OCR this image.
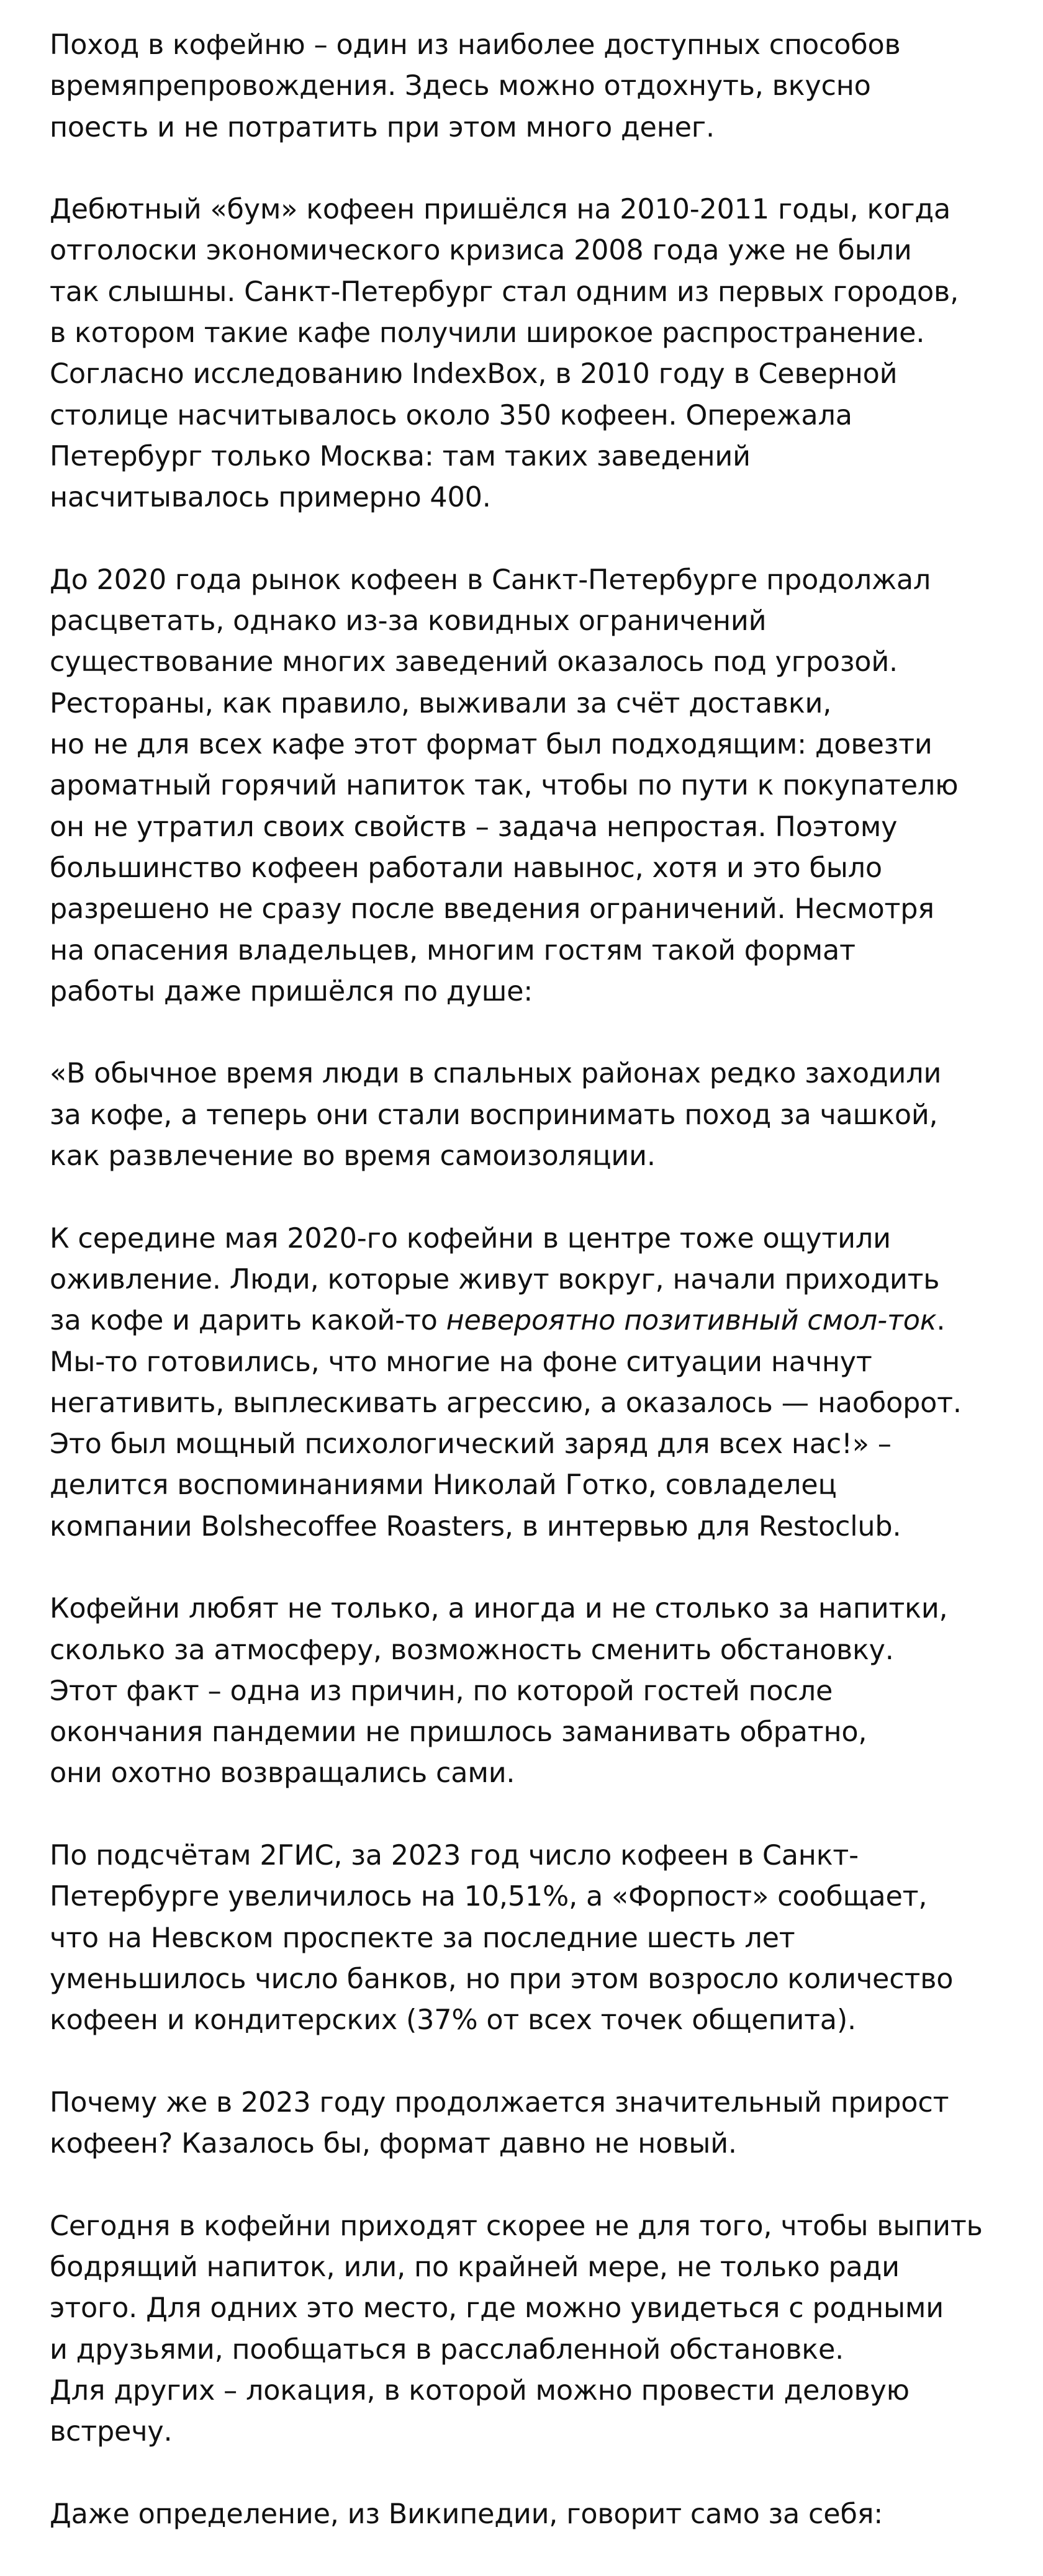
Поход в кофейню – один из наиболее доступных способов
времяпрепровождения. Здесь можно отдохнуть, вкусно
поесть и не потратить при этом много денег.

Дебютный «бум» кофеен пришёлся на 2010-2011 годы, когда
отголоски экономического кризиса 2008 года уже не были
так слышны. Санкт-Петербург стал одним из первых городов,
в котором такие кафе получили широкое распространение.
Согласно исследованию IndexBox, в 2010 году в Северной
столице насчитывалось около 350 кофеен. Опережала
Петербург только Москва: там таких заведений
насчитывалось примерно 400.

До 2020 года рынок кофеен в Санкт-Петербурге продолжал
расцветать, однако из-за ковидных ограничений
существование многих заведений оказалось под угрозой.
Рестораны, как правило, выживали за счёт доставки,
но не для всех кафе этот формат был подходящим: довезти
ароматный горячий напиток так, чтобы по пути к покупателю
он не утратил своих свойств – задача непростая. Поэтому
большинство кофеен работали навынос, хотя и это было
разрешено не сразу после введения ограничений. Несмотря
на опасения владельцев, многим гостям такой формат
работы даже пришёлся по душе:

«В обычное время люди в спальных районах редко заходили
за кофе, а теперь они стали воспринимать поход за чашкой,
как развлечение во время самоизоляции.

К середине мая 2020-го кофейни в центре тоже ощутили
оживление. Люди, которые живут вокруг, начали приходить
за кофе и дарить какой-то невероятно позитивный смол-ток.
Мы-то готовились, что многие на фоне ситуации начнут
негативить, выплескивать агрессию, а оказалось — наоборот.
Это был мощный психологический заряд для всех нас!» –
делится воспоминаниями Николай Готко, совладелец
компании Bolshecoffee Roasters, в интервью для Restoclub.

Кофейни любят не только, а иногда и не столько за напитки,
сколько за атмосферу, возможность сменить обстановку.
Этот факт – одна из причин, по которой гостей после
окончания пандемии не пришлось заманивать обратно,
они охотно возвращались сами.

По подсчётам 2ГИС, за 2023 год число кофеен в Санкт-
Петербурге увеличилось на 10,51%, а «Форпост» сообщает,
что на Невском проспекте за последние шесть лет
уменьшилось число банков, но при этом возросло количество
кофеен и кондитерских (37% от всех точек общепита).

Почему же в 2023 году продолжается значительный прирост
кофеен? Казалось бы, формат давно не новый.

Сегодня в кофейни приходят скорее не для того, чтобы выпить
бодрящий напиток, или, по крайней мере, не только ради
этого. Для одних это место, где можно увидеться с родными
и друзьями, пообщаться в расслабленной обстановке.
Для других – локация, в которой можно провести деловую
встречу.

Даже определение, из Википедии, говорит само за себя:
